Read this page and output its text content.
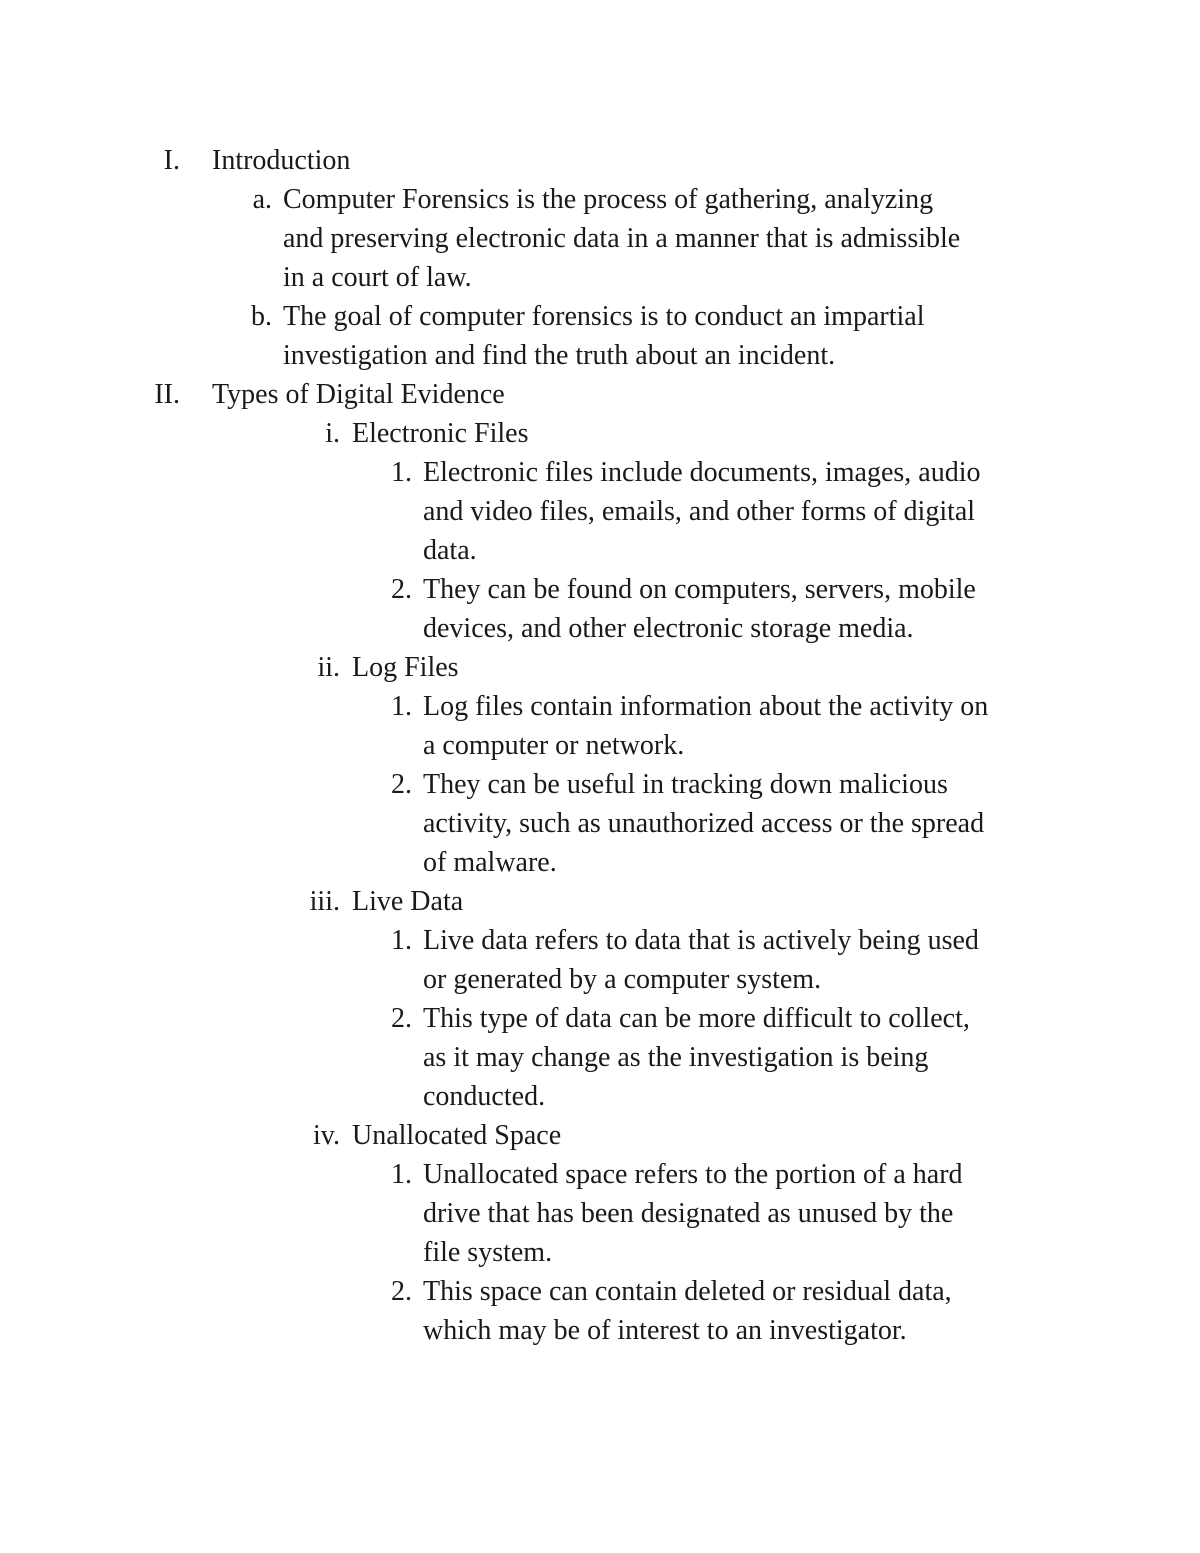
I. Introduction
a. Computer Forensics is the process of gathering, analyzing
and preserving electronic data in a manner that is admissible
in a court of law.
b. The goal of computer forensics is to conduct an impartial
investigation and find the truth about an incident.
II. Types of Digital Evidence
i. Electronic Files
1. Electronic files include documents, images, audio
and video files, emails, and other forms of digital
data.
2. They can be found on computers, servers, mobile
devices, and other electronic storage media.
ii. Log Files
1. Log files contain information about the activity on
a computer or network.
2. They can be useful in tracking down malicious
activity, such as unauthorized access or the spread
of malware.
iii. Live Data
1. Live data refers to data that is actively being used
or generated by a computer system.
2. This type of data can be more difficult to collect,
as it may change as the investigation is being
conducted.
iv. Unallocated Space
1. Unallocated space refers to the portion of a hard
drive that has been designated as unused by the
file system.
2. This space can contain deleted or residual data,
which may be of interest to an investigator.
